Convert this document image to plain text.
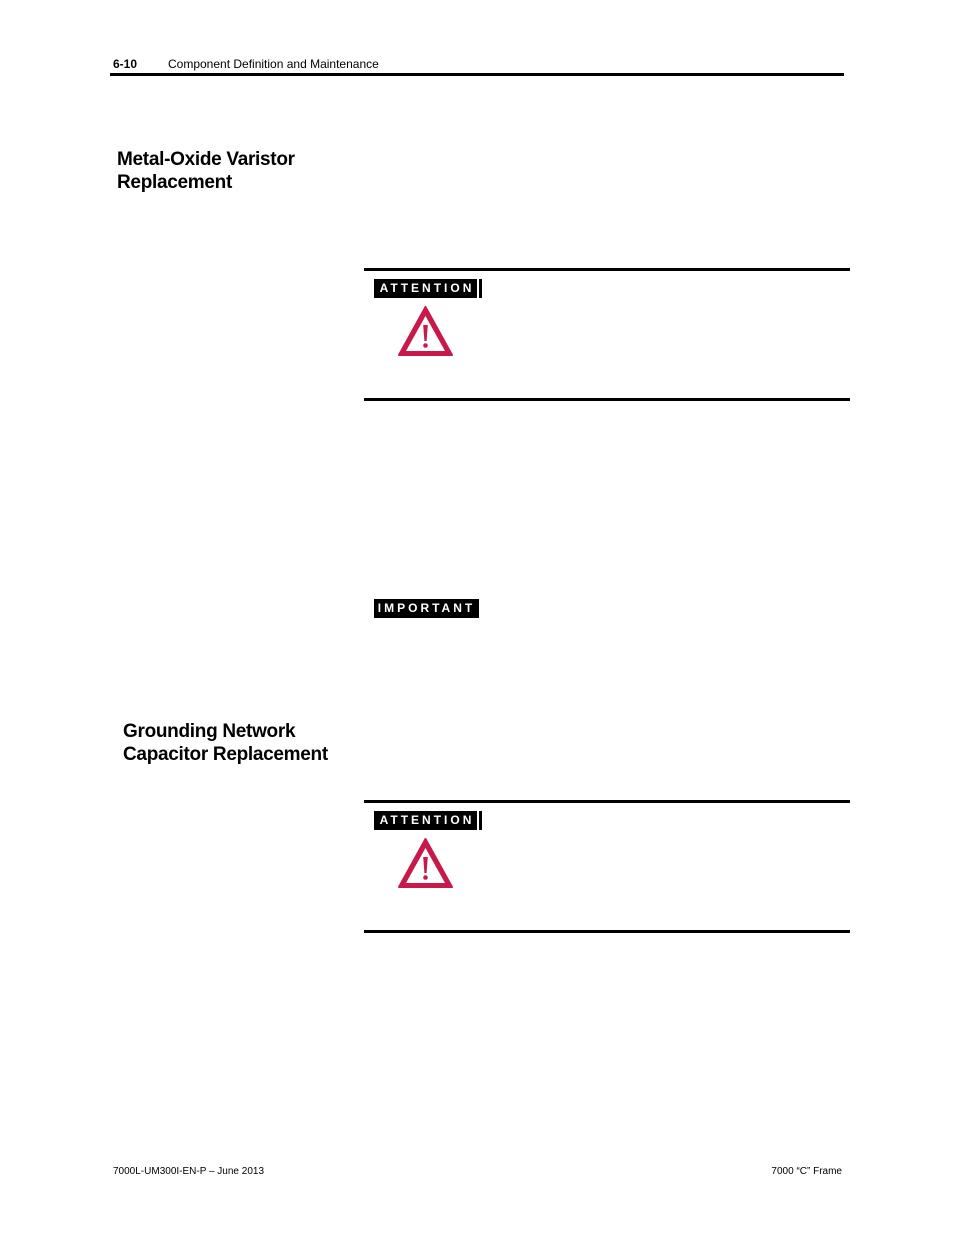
6-10	Component Definition and Maintenance
Metal-Oxide Varistor
Replacement
ATTENTION
IMPORTANT
Grounding Network
Capacitor Replacement
ATTENTION
7000L-UM300I-EN-P – June 2013	7000 “C” Frame
